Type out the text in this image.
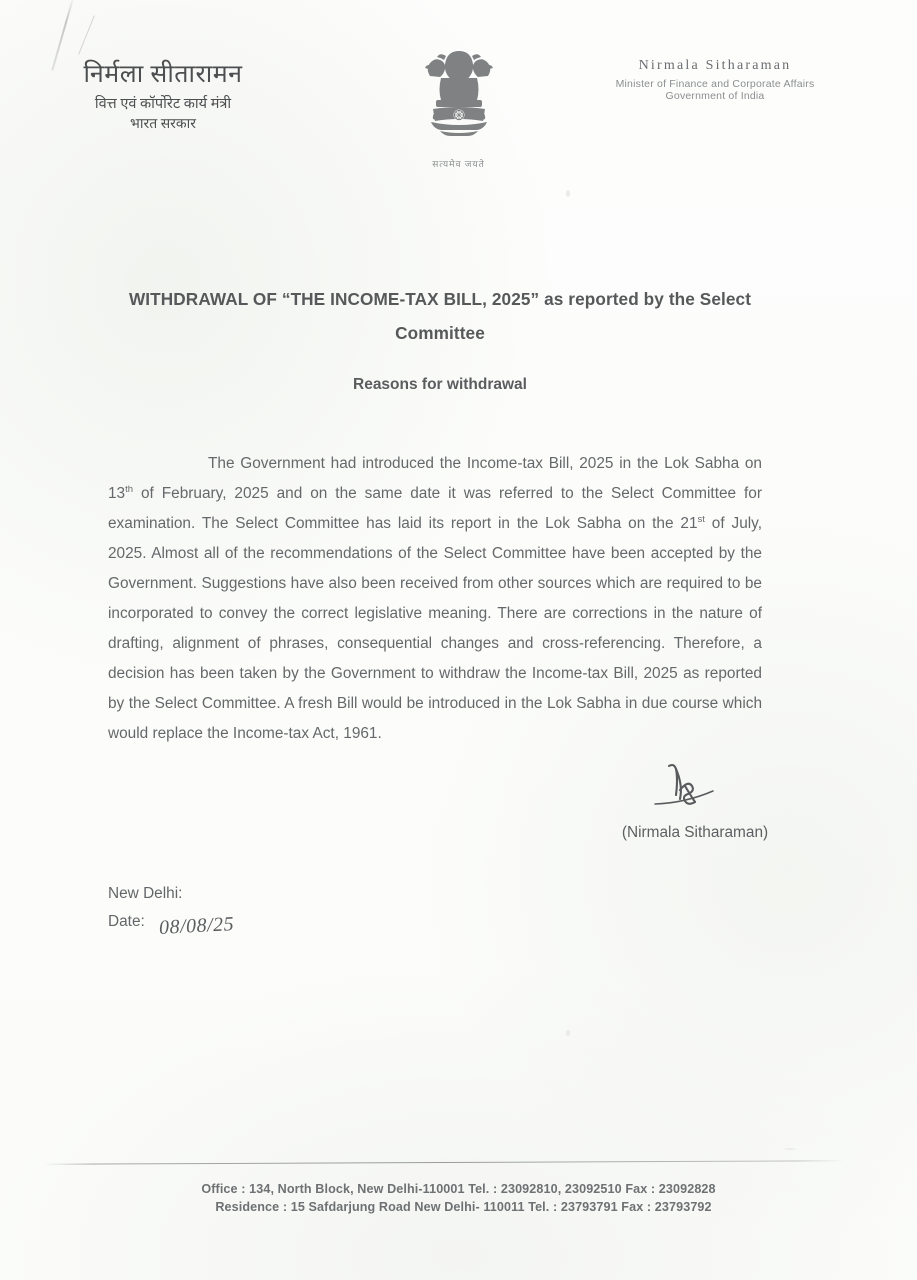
निर्मला सीतारामन
वित्त एवं कॉर्पोरेट कार्य मंत्री
भारत सरकार
सत्यमेव जयते
Nirmala Sitharaman
Minister of Finance and Corporate Affairs
Government of India
WITHDRAWAL OF “THE INCOME-TAX BILL, 2025” as reported by the Select Committee
Reasons for withdrawal

The Government had introduced the Income-tax Bill, 2025 in the Lok Sabha on 13th of February, 2025 and on the same date it was referred to the Select Committee for examination. The Select Committee has laid its report in the Lok Sabha on the 21st of July, 2025. Almost all of the recommendations of the Select Committee have been accepted by the Government. Suggestions have also been received from other sources which are required to be incorporated to convey the correct legislative meaning. There are corrections in the nature of drafting, alignment of phrases, consequential changes and cross-referencing. Therefore, a decision has been taken by the Government to withdraw the Income-tax Bill, 2025 as reported by the Select Committee. A fresh Bill would be introduced in the Lok Sabha in due course which would replace the Income-tax Act, 1961.

(Nirmala Sitharaman)
New Delhi:
Date: 08/08/25
Office : 134, North Block, New Delhi-110001 Tel. : 23092810, 23092510 Fax : 23092828
Residence : 15 Safdarjung Road New Delhi- 110011 Tel. : 23793791 Fax : 23793792
